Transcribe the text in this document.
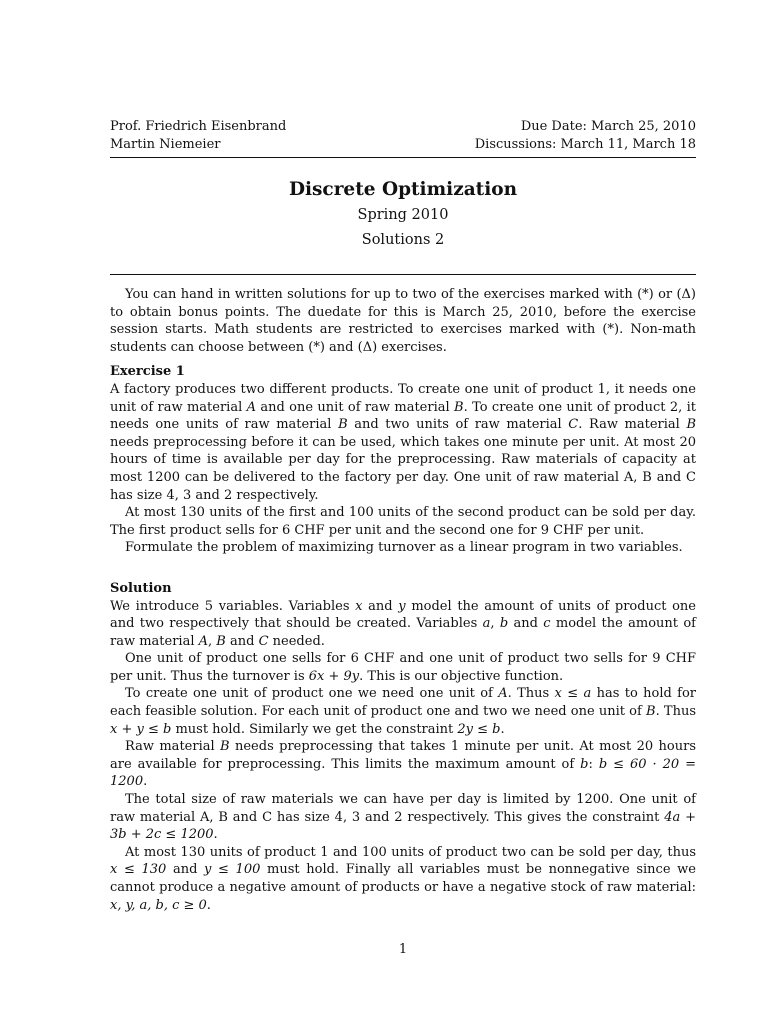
Prof. Friedrich Eisenbrand
Martin Niemeier
Due Date: March 25, 2010
Discussions: March 11, March 18

Discrete Optimization

Spring 2010

Solutions 2

You can hand in written solutions for up to two of the exercises marked with (*) or (Δ) to obtain bonus points. The duedate for this is March 25, 2010, before the exercise session starts. Math students are restricted to exercises marked with (*). Non-math students can choose between (*) and (Δ) exercises.

Exercise 1

A factory produces two different products. To create one unit of product 1, it needs one unit of raw material A and one unit of raw material B. To create one unit of product 2, it needs one units of raw material B and two units of raw material C. Raw material B needs preprocessing before it can be used, which takes one minute per unit. At most 20 hours of time is available per day for the preprocessing. Raw materials of capacity at most 1200 can be delivered to the factory per day. One unit of raw material A, B and C has size 4, 3 and 2 respectively.

At most 130 units of the first and 100 units of the second product can be sold per day. The first product sells for 6 CHF per unit and the second one for 9 CHF per unit.

Formulate the problem of maximizing turnover as a linear program in two variables.

Solution

We introduce 5 variables. Variables x and y model the amount of units of product one and two respectively that should be created. Variables a, b and c model the amount of raw material A, B and C needed.

One unit of product one sells for 6 CHF and one unit of product two sells for 9 CHF per unit. Thus the turnover is 6x + 9y. This is our objective function.

To create one unit of product one we need one unit of A. Thus x ≤ a has to hold for each feasible solution. For each unit of product one and two we need one unit of B. Thus x + y ≤ b must hold. Similarly we get the constraint 2y ≤ b.

Raw material B needs preprocessing that takes 1 minute per unit. At most 20 hours are available for preprocessing. This limits the maximum amount of b: b ≤ 60 · 20 = 1200.

The total size of raw materials we can have per day is limited by 1200. One unit of raw material A, B and C has size 4, 3 and 2 respectively. This gives the constraint 4a + 3b + 2c ≤ 1200.

At most 130 units of product 1 and 100 units of product two can be sold per day, thus x ≤ 130 and y ≤ 100 must hold. Finally all variables must be nonnegative since we cannot produce a negative amount of products or have a negative stock of raw material: x, y, a, b, c ≥ 0.

1
